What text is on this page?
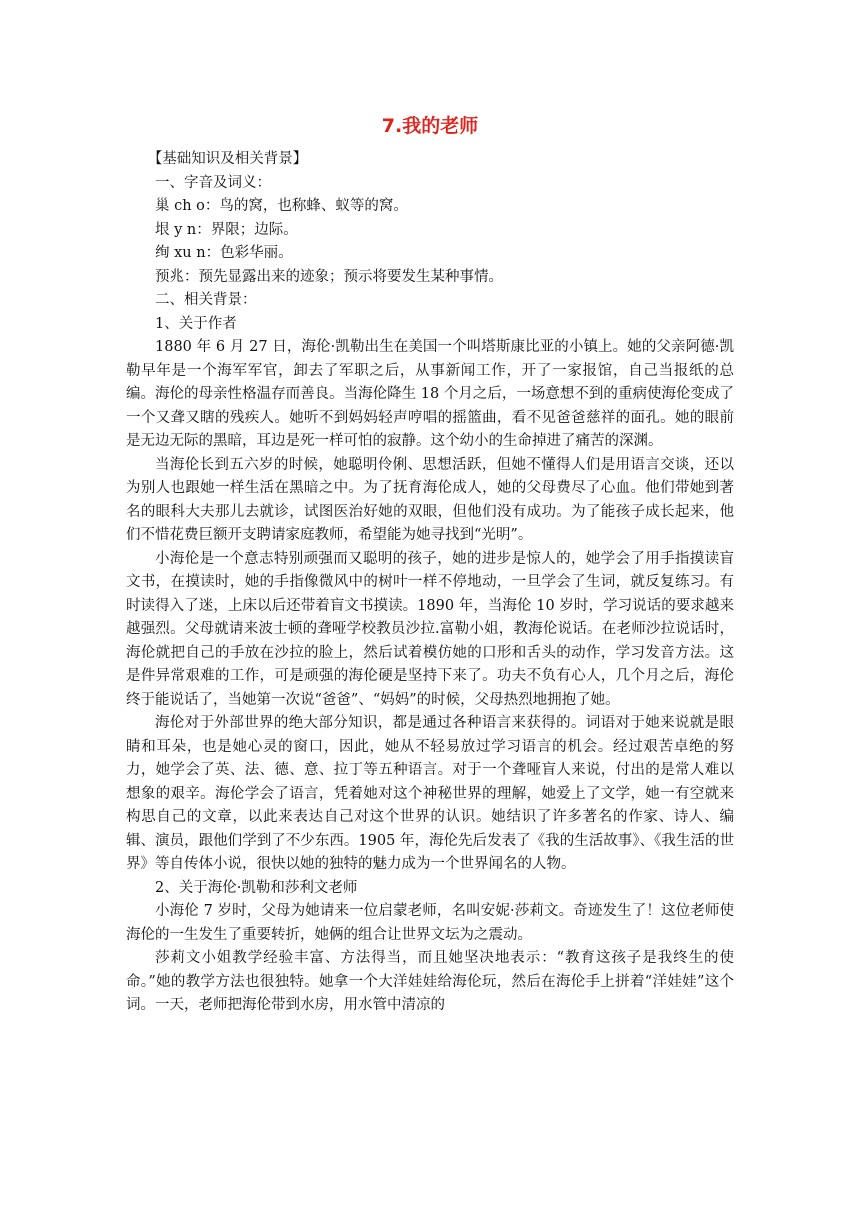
7.我的老师

【基础知识及相关背景】

一、字音及词义：

巢 ch o：鸟的窝，也称蜂、蚁等的窝。

垠 y n：界限；边际。

绚 xu n：色彩华丽。

预兆：预先显露出来的迹象；预示将要发生某种事情。

二、相关背景：

1、关于作者

1880 年 6 月 27 日，海伦·凯勒出生在美国一个叫塔斯康比亚的小镇上。她的父亲阿德·凯勒早年是一个海军军官，卸去了军职之后，从事新闻工作，开了一家报馆，自己当报纸的总编。海伦的母亲性格温存而善良。当海伦降生 18 个月之后，一场意想不到的重病使海伦变成了一个又聋又瞎的残疾人。她听不到妈妈轻声哼唱的摇篮曲，看不见爸爸慈祥的面孔。她的眼前是无边无际的黑暗，耳边是死一样可怕的寂静。这个幼小的生命掉进了痛苦的深渊。

当海伦长到五六岁的时候，她聪明伶俐、思想活跃，但她不懂得人们是用语言交谈，还以为别人也跟她一样生活在黑暗之中。为了抚育海伦成人，她的父母费尽了心血。他们带她到著名的眼科大夫那儿去就诊，试图医治好她的双眼，但他们没有成功。为了能孩子成长起来，他们不惜花费巨额开支聘请家庭教师，希望能为她寻找到“光明”。

小海伦是一个意志特别顽强而又聪明的孩子，她的进步是惊人的，她学会了用手指摸读盲文书，在摸读时，她的手指像微风中的树叶一样不停地动，一旦学会了生词，就反复练习。有时读得入了迷，上床以后还带着盲文书摸读。1890 年，当海伦 10 岁时，学习说话的要求越来越强烈。父母就请来波士顿的聋哑学校教员沙拉.富勒小姐，教海伦说话。在老师沙拉说话时，海伦就把自己的手放在沙拉的脸上，然后试着模仿她的口形和舌头的动作，学习发音方法。这是件异常艰难的工作，可是顽强的海伦硬是坚持下来了。功夫不负有心人，几个月之后，海伦终于能说话了，当她第一次说“爸爸”、“妈妈”的时候，父母热烈地拥抱了她。

海伦对于外部世界的绝大部分知识，都是通过各种语言来获得的。词语对于她来说就是眼睛和耳朵，也是她心灵的窗口，因此，她从不轻易放过学习语言的机会。经过艰苦卓绝的努力，她学会了英、法、德、意、拉丁等五种语言。对于一个聋哑盲人来说，付出的是常人难以想象的艰辛。海伦学会了语言，凭着她对这个神秘世界的理解，她爱上了文学，她一有空就来构思自己的文章，以此来表达自己对这个世界的认识。她结识了许多著名的作家、诗人、编辑、演员，跟他们学到了不少东西。1905 年，海伦先后发表了《我的生活故事》、《我生活的世界》等自传体小说，很快以她的独特的魅力成为一个世界闻名的人物。

2、关于海伦·凯勒和莎利文老师

小海伦 7 岁时，父母为她请来一位启蒙老师，名叫安妮·莎莉文。奇迹发生了！这位老师使海伦的一生发生了重要转折，她俩的组合让世界文坛为之震动。

莎莉文小姐教学经验丰富、方法得当，而且她坚决地表示：“教育这孩子是我终生的使命。”她的教学方法也很独特。她拿一个大洋娃娃给海伦玩，然后在海伦手上拼着“洋娃娃”这个词。一天，老师把海伦带到水房，用水管中清凉的
